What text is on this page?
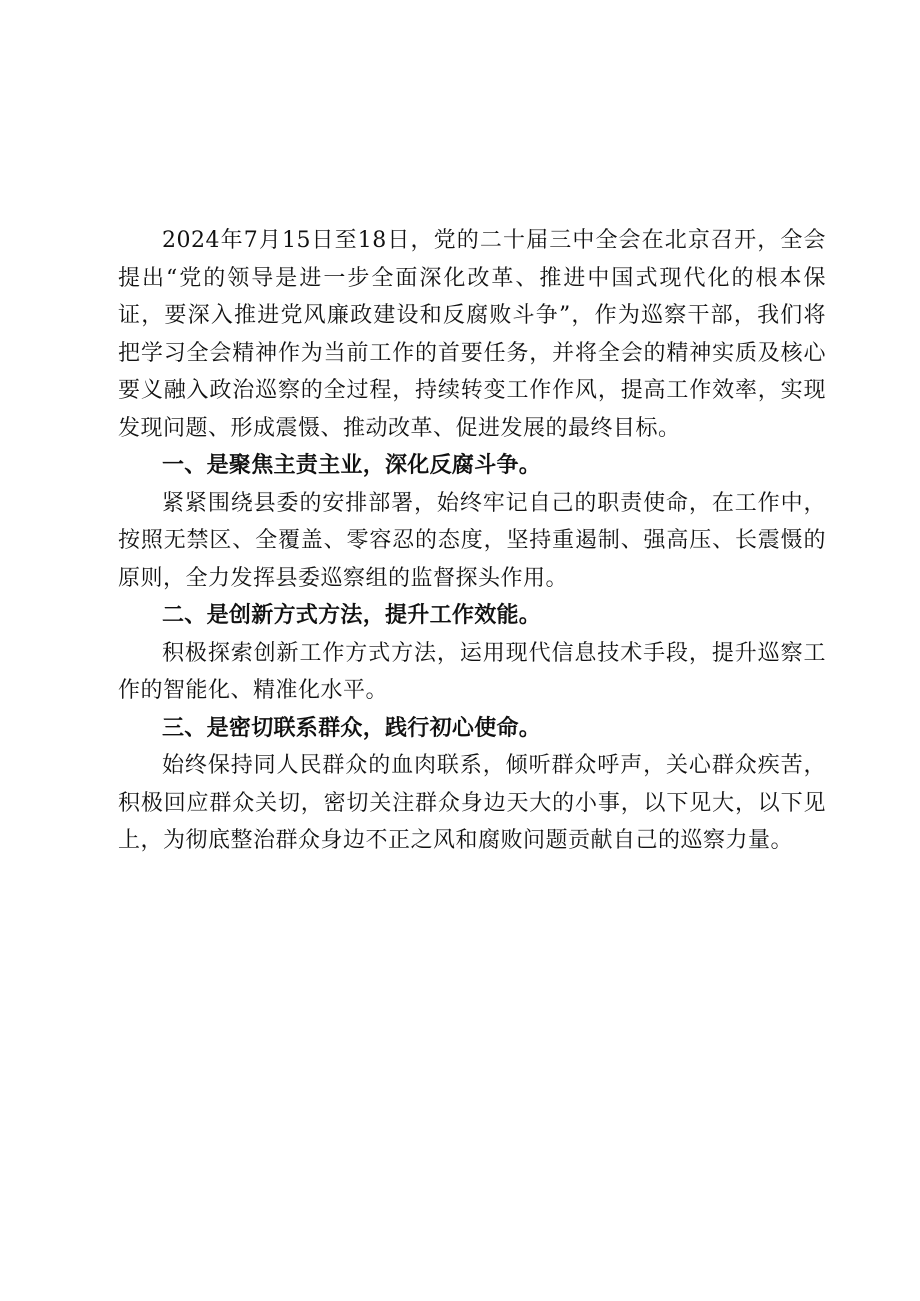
2024年7月15日至18日，党的二十届三中全会在北京召开，全会提出“党的领导是进一步全面深化改革、推进中国式现代化的根本保证，要深入推进党风廉政建设和反腐败斗争”，作为巡察干部，我们将把学习全会精神作为当前工作的首要任务，并将全会的精神实质及核心要义融入政治巡察的全过程，持续转变工作作风，提高工作效率，实现发现问题、形成震慑、推动改革、促进发展的最终目标。

一、是聚焦主责主业，深化反腐斗争。

紧紧围绕县委的安排部署，始终牢记自己的职责使命，在工作中，按照无禁区、全覆盖、零容忍的态度，坚持重遏制、强高压、长震慑的原则，全力发挥县委巡察组的监督探头作用。

二、是创新方式方法，提升工作效能。

积极探索创新工作方式方法，运用现代信息技术手段，提升巡察工作的智能化、精准化水平。

三、是密切联系群众，践行初心使命。

始终保持同人民群众的血肉联系，倾听群众呼声，关心群众疾苦，积极回应群众关切，密切关注群众身边天大的小事，以下见大，以下见上，为彻底整治群众身边不正之风和腐败问题贡献自己的巡察力量。
